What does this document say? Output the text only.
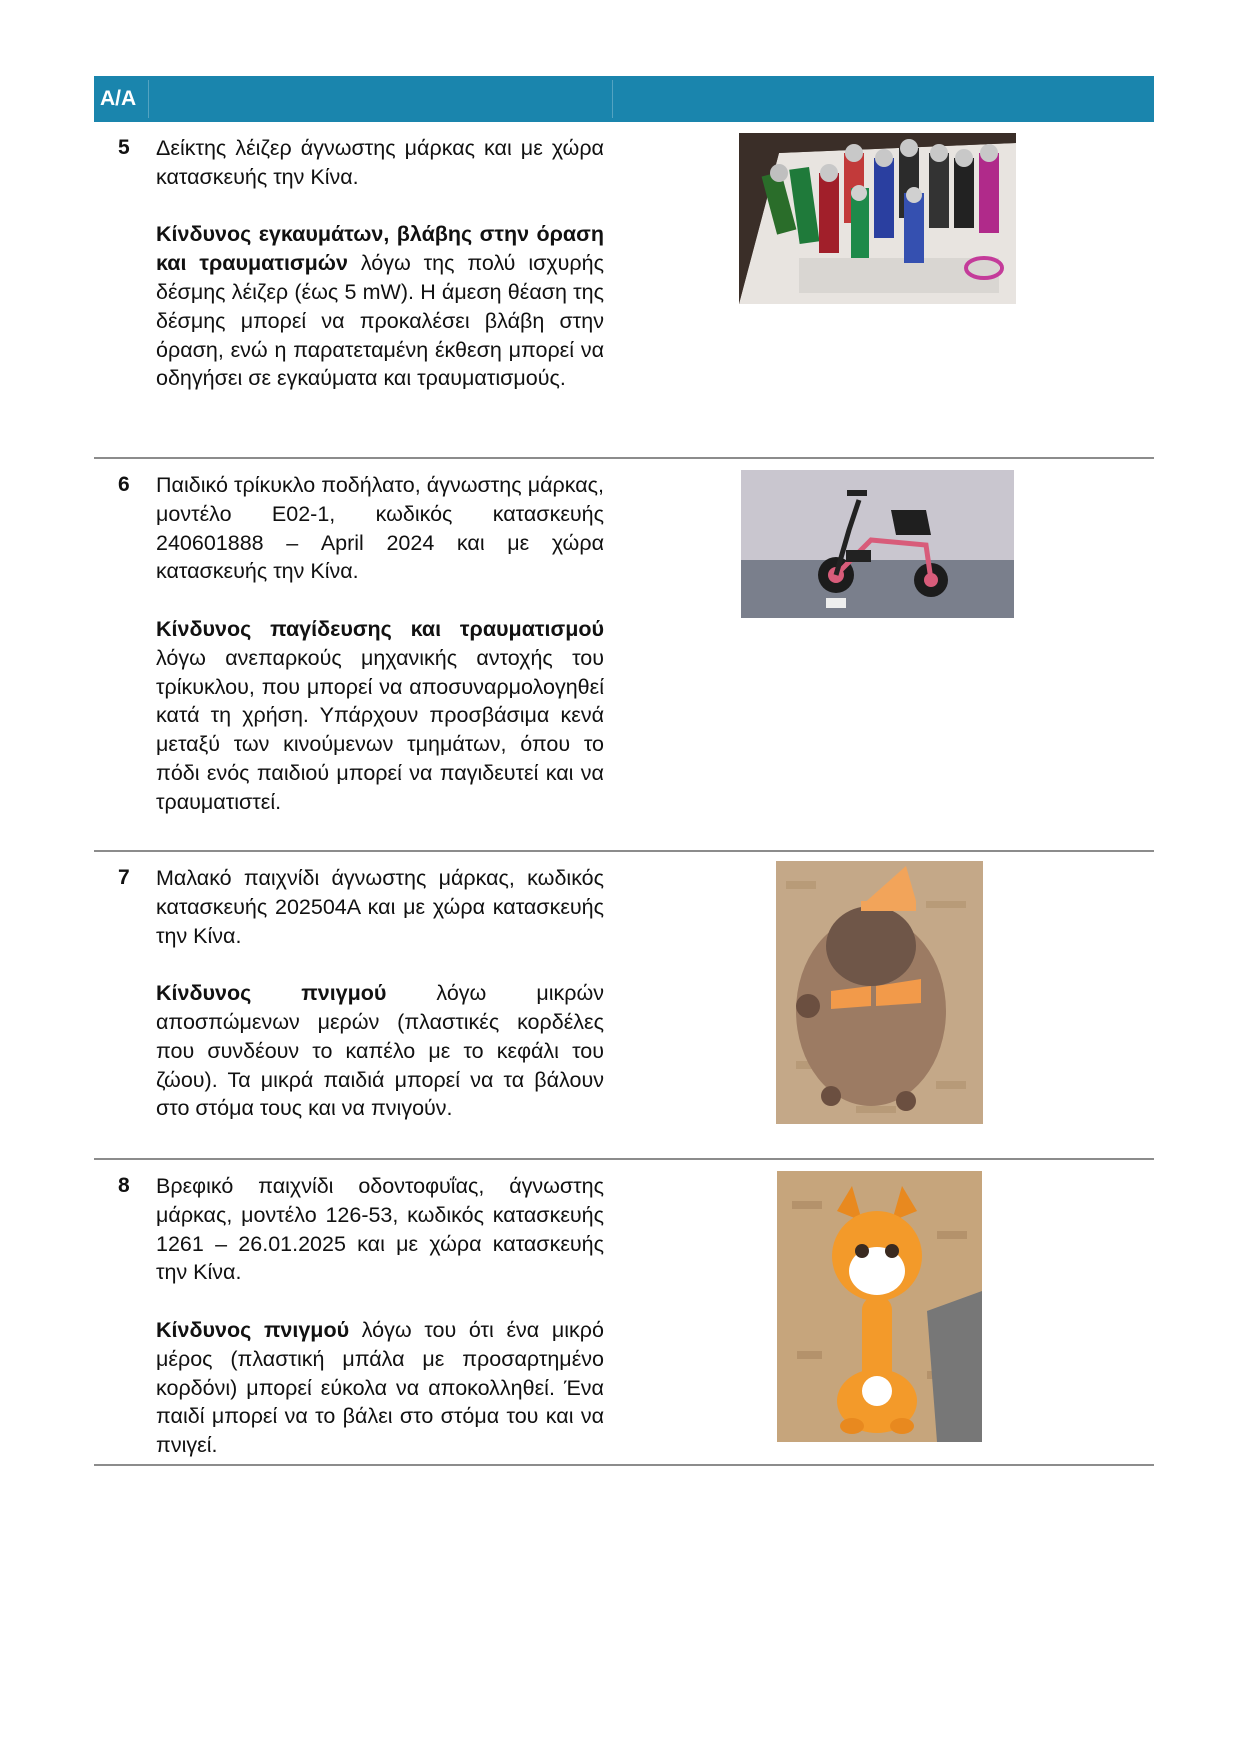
A/A
5 Δείκτης λέιζερ άγνωστης μάρκας και με χώρα κατασκευής την Κίνα.

Κίνδυνος εγκαυμάτων, βλάβης στην όραση και τραυματισμών λόγω της πολύ ισχυρής δέσμης λέιζερ (έως 5 mW). Η άμεση θέαση της δέσμης μπορεί να προκαλέσει βλάβη στην όραση, ενώ η παρατεταμένη έκθεση μπορεί να οδηγήσει σε εγκαύματα και τραυματισμούς.

6 Παιδικό τρίκυκλο ποδήλατο, άγνωστης μάρκας, μοντέλο E02-1, κωδικός κατασκευής 240601888 – April 2024 και με χώρα κατασκευής την Κίνα.

Κίνδυνος παγίδευσης και τραυματισμού λόγω ανεπαρκούς μηχανικής αντοχής του τρίκυκλου, που μπορεί να αποσυναρμολογηθεί κατά τη χρήση. Υπάρχουν προσβάσιμα κενά μεταξύ των κινούμενων τμημάτων, όπου το πόδι ενός παιδιού μπορεί να παγιδευτεί και να τραυματιστεί.

7 Μαλακό παιχνίδι άγνωστης μάρκας, κωδικός κατασκευής 202504A και με χώρα κατασκευής την Κίνα.

Κίνδυνος πνιγμού λόγω μικρών αποσπώμενων μερών (πλαστικές κορδέλες που συνδέουν το καπέλο με το κεφάλι του ζώου). Τα μικρά παιδιά μπορεί να τα βάλουν στο στόμα τους και να πνιγούν.

8 Βρεφικό παιχνίδι οδοντοφυΐας, άγνωστης μάρκας, μοντέλο 126-53, κωδικός κατασκευής 1261 – 26.01.2025 και με χώρα κατασκευής την Κίνα.

Κίνδυνος πνιγμού λόγω του ότι ένα μικρό μέρος (πλαστική μπάλα με προσαρτημένο κορδόνι) μπορεί εύκολα να αποκολληθεί. Ένα παιδί μπορεί να το βάλει στο στόμα του και να πνιγεί.
